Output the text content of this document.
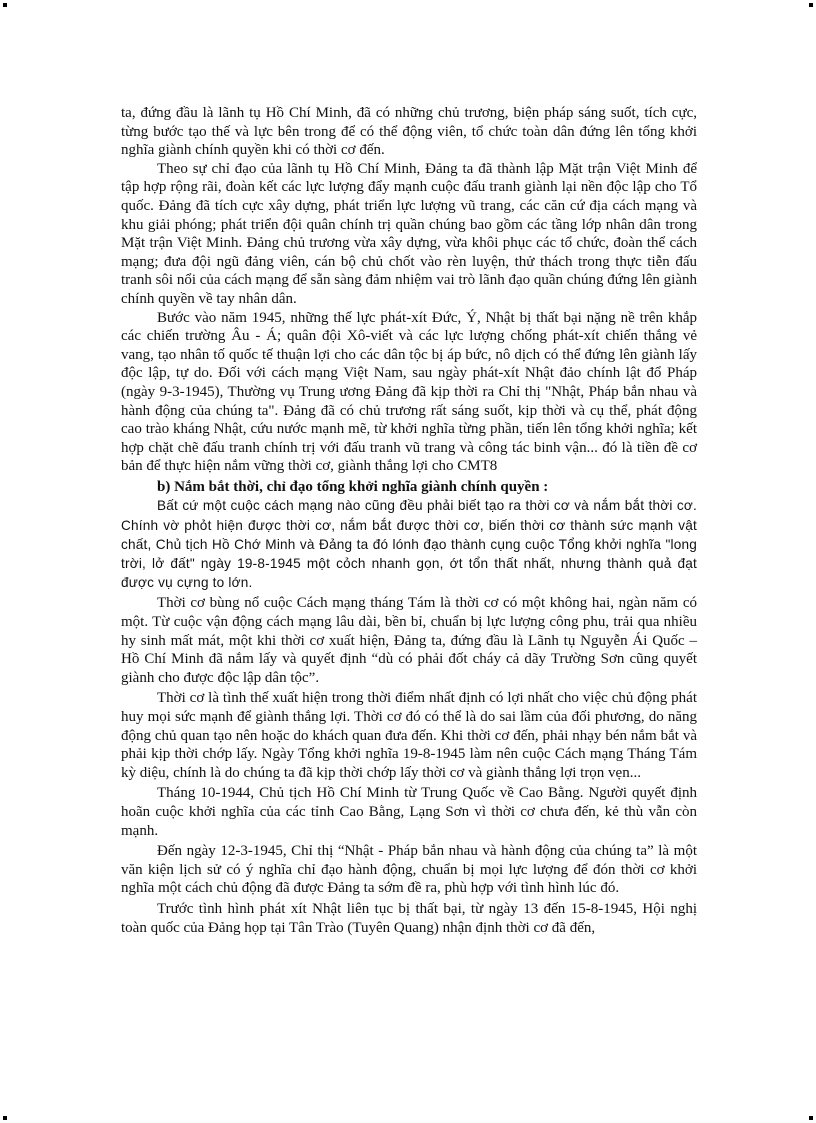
ta, đứng đầu là lãnh tụ Hồ Chí Minh, đã có những chủ trương, biện pháp sáng suốt, tích cực, từng bước tạo thế và lực bên trong để có thể động viên, tổ chức toàn dân đứng lên tổng khởi nghĩa giành chính quyền khi có thời cơ đến.

Theo sự chỉ đạo của lãnh tụ Hồ Chí Minh, Đảng ta đã thành lập Mặt trận Việt Minh để tập hợp rộng rãi, đoàn kết các lực lượng đẩy mạnh cuộc đấu tranh giành lại nền độc lập cho Tổ quốc. Đảng đã tích cực xây dựng, phát triển lực lượng vũ trang, các căn cứ địa cách mạng và khu giải phóng; phát triển đội quân chính trị quần chúng bao gồm các tầng lớp nhân dân trong Mặt trận Việt Minh. Đảng chủ trương vừa xây dựng, vừa khôi phục các tổ chức, đoàn thể cách mạng; đưa đội ngũ đảng viên, cán bộ chủ chốt vào rèn luyện, thử thách trong thực tiễn đấu tranh sôi nổi của cách mạng để sẵn sàng đảm nhiệm vai trò lãnh đạo quần chúng đứng lên giành chính quyền về tay nhân dân.

Bước vào năm 1945, những thế lực phát-xít Đức, Ý, Nhật bị thất bại nặng nề trên khắp các chiến trường Âu - Á; quân đội Xô-viết và các lực lượng chống phát-xít chiến thắng vẻ vang, tạo nhân tố quốc tế thuận lợi cho các dân tộc bị áp bức, nô dịch có thể đứng lên giành lấy độc lập, tự do. Đối với cách mạng Việt Nam, sau ngày phát-xít Nhật đảo chính lật đổ Pháp (ngày 9-3-1945), Thường vụ Trung ương Đảng đã kịp thời ra Chỉ thị "Nhật, Pháp bắn nhau và hành động của chúng ta". Đảng đã có chủ trương rất sáng suốt, kịp thời và cụ thể, phát động cao trào kháng Nhật, cứu nước mạnh mẽ, từ khởi nghĩa từng phần, tiến lên tổng khởi nghĩa; kết hợp chặt chẽ đấu tranh chính trị với đấu tranh vũ trang và công tác binh vận... đó là tiền đề cơ bản để thực hiện nắm vững thời cơ, giành thắng lợi cho CMT8

b) Nắm bắt thời, chỉ đạo tổng khởi nghĩa giành chính quyền :

Bất cứ một cuộc cách mạng nào cũng đều phải biết tạo ra thời cơ và nắm bắt thời cơ. Chính vờ phỏt hiện được thời cơ, nắm bắt được thời cơ, biến thời cơ thành sức mạnh vật chất, Chủ tịch Hồ Chớ Minh và Đảng ta đó lónh đạo thành cụng cuộc Tổng khởi nghĩa "long trời, lở đất" ngày 19-8-1945 một cỏch nhanh gọn, ớt tổn thất nhất, nhưng thành quả đạt được vụ cựng to lớn.

Thời cơ bùng nổ cuộc Cách mạng tháng Tám là thời cơ có một không hai, ngàn năm có một. Từ cuộc vận động cách mạng lâu dài, bền bỉ, chuẩn bị lực lượng công phu, trải qua nhiều hy sinh mất mát, một khi thời cơ xuất hiện, Đảng ta, đứng đầu là Lãnh tụ Nguyễn Ái Quốc – Hồ Chí Minh đã nắm lấy và quyết định “dù có phải đốt cháy cả dãy Trường Sơn cũng quyết giành cho được độc lập dân tộc”.

Thời cơ là tình thế xuất hiện trong thời điểm nhất định có lợi nhất cho việc chủ động phát huy mọi sức mạnh để giành thắng lợi. Thời cơ đó có thể là do sai lầm của đối phương, do năng động chủ quan tạo nên hoặc do khách quan đưa đến. Khi thời cơ đến, phải nhạy bén nắm bắt và phải kịp thời chớp lấy. Ngày Tổng khởi nghĩa 19-8-1945 làm nên cuộc Cách mạng Tháng Tám kỳ diệu, chính là do chúng ta đã kịp thời chớp lấy thời cơ và giành thắng lợi trọn vẹn...

Tháng 10-1944, Chủ tịch Hồ Chí Minh từ Trung Quốc về Cao Bằng. Người quyết định hoãn cuộc khởi nghĩa của các tỉnh Cao Bằng, Lạng Sơn vì thời cơ chưa đến, kẻ thù vẫn còn mạnh.

Đến ngày 12-3-1945, Chỉ thị “Nhật - Pháp bắn nhau và hành động của chúng ta” là một văn kiện lịch sử có ý nghĩa chỉ đạo hành động, chuẩn bị mọi lực lượng để đón thời cơ khởi nghĩa một cách chủ động đã được Đảng ta sớm đề ra, phù hợp với tình hình lúc đó.

Trước tình hình phát xít Nhật liên tục bị thất bại, từ ngày 13 đến 15-8-1945, Hội nghị toàn quốc của Đảng họp tại Tân Trào (Tuyên Quang) nhận định thời cơ đã đến,
